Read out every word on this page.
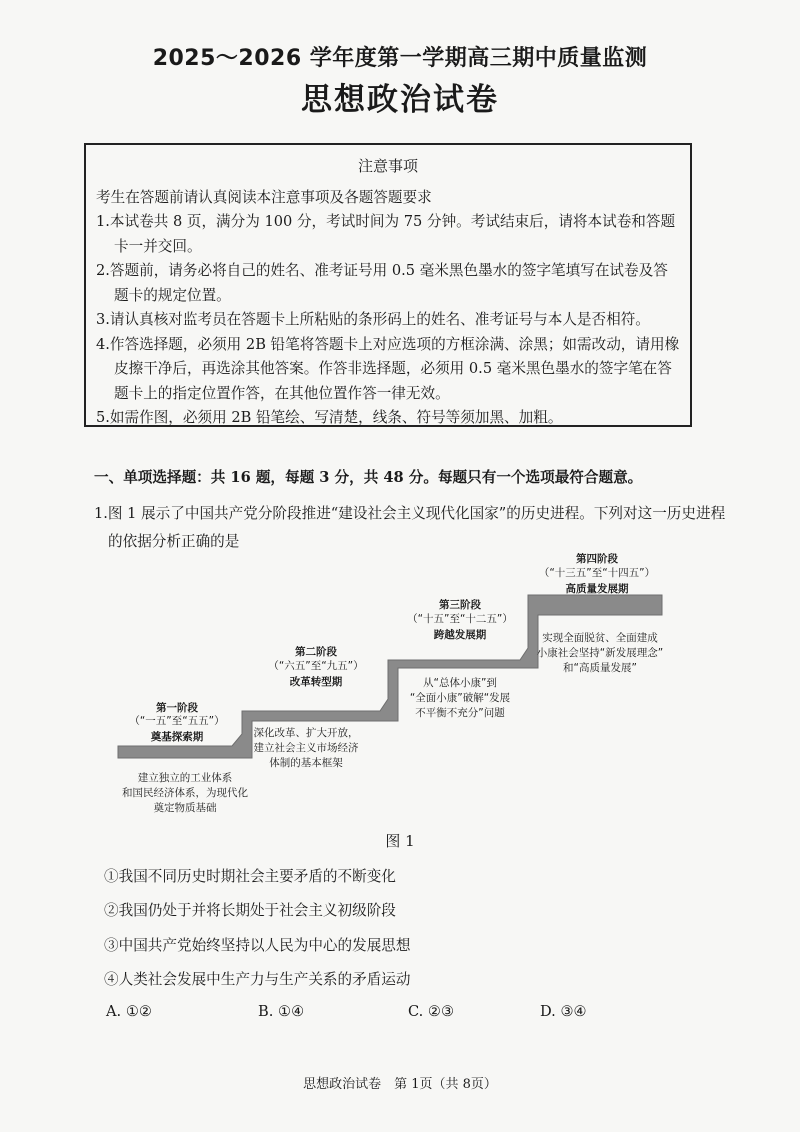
2025～2026 学年度第一学期高三期中质量监测
思想政治试卷
注意事项
考生在答题前请认真阅读本注意事项及各题答题要求
1.本试卷共 8 页，满分为 100 分，考试时间为 75 分钟。考试结束后，请将本试卷和答题卡一并交回。
2.答题前，请务必将自己的姓名、准考证号用 0.5 毫米黑色墨水的签字笔填写在试卷及答题卡的规定位置。
3.请认真核对监考员在答题卡上所粘贴的条形码上的姓名、准考证号与本人是否相符。
4.作答选择题，必须用 2B 铅笔将答题卡上对应选项的方框涂满、涂黑；如需改动，请用橡皮擦干净后，再选涂其他答案。作答非选择题，必须用 0.5 毫米黑色墨水的签字笔在答题卡上的指定位置作答，在其他位置作答一律无效。
5.如需作图，必须用 2B 铅笔绘、写清楚，线条、符号等须加黑、加粗。
一、单项选择题：共 16 题，每题 3 分，共 48 分。每题只有一个选项最符合题意。
1.图 1 展示了中国共产党分阶段推进“建设社会主义现代化国家”的历史进程。下列对这一历史进程的依据分析正确的是
第一阶段
（“一五”至“五五”）
奠基探索期
建立独立的工业体系
和国民经济体系，为现代化
奠定物质基础
第二阶段
（“六五”至“九五”）
改革转型期
深化改革、扩大开放，
建立社会主义市场经济
体制的基本框架
第三阶段
（“十五”至“十二五”）
跨越发展期
从“总体小康”到
“全面小康”破解“发展
不平衡不充分”问题
第四阶段
（“十三五”至“十四五”）
高质量发展期
实现全面脱贫、全面建成
小康社会坚持“新发展理念”
和“高质量发展”
图 1
①我国不同历史时期社会主要矛盾的不断变化
②我国仍处于并将长期处于社会主义初级阶段
③中国共产党始终坚持以人民为中心的发展思想
④人类社会发展中生产力与生产关系的矛盾运动
A. ①②	B. ①④	C. ②③	D. ③④
思想政治试卷　第 1页（共 8页）
